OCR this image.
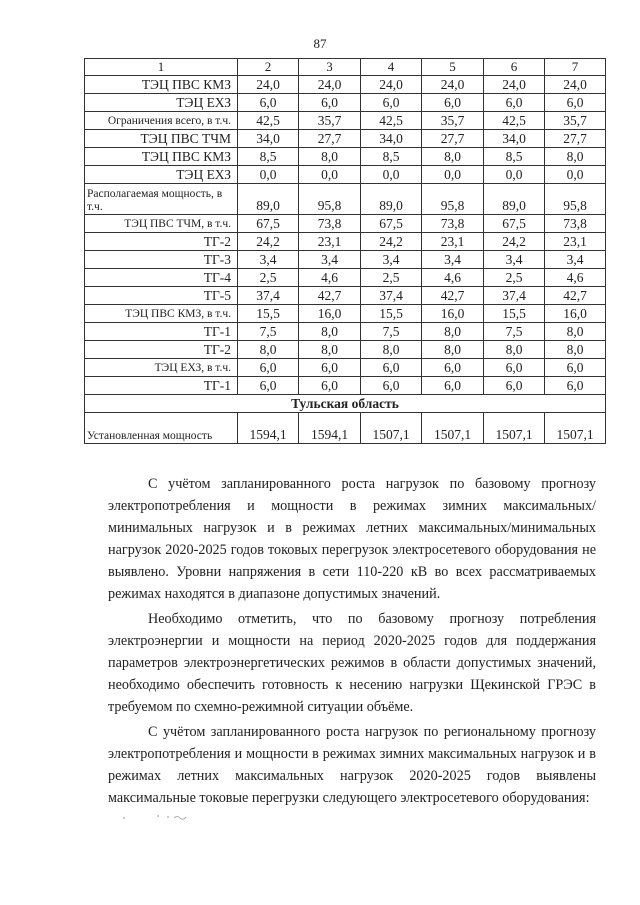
87
1	2	3	4	5	6	7
ТЭЦ ПВС КМЗ	24,0	24,0	24,0	24,0	24,0	24,0
ТЭЦ ЕХЗ	6,0	6,0	6,0	6,0	6,0	6,0
Ограничения всего, в т.ч.	42,5	35,7	42,5	35,7	42,5	35,7
ТЭЦ ПВС ТЧМ	34,0	27,7	34,0	27,7	34,0	27,7
ТЭЦ ПВС КМЗ	8,5	8,0	8,5	8,0	8,5	8,0
ТЭЦ ЕХЗ	0,0	0,0	0,0	0,0	0,0	0,0
Располагаемая мощность, в т.ч.	89,0	95,8	89,0	95,8	89,0	95,8
ТЭЦ ПВС ТЧМ, в т.ч.	67,5	73,8	67,5	73,8	67,5	73,8
ТГ-2	24,2	23,1	24,2	23,1	24,2	23,1
ТГ-3	3,4	3,4	3,4	3,4	3,4	3,4
ТГ-4	2,5	4,6	2,5	4,6	2,5	4,6
ТГ-5	37,4	42,7	37,4	42,7	37,4	42,7
ТЭЦ ПВС КМЗ, в т.ч.	15,5	16,0	15,5	16,0	15,5	16,0
ТГ-1	7,5	8,0	7,5	8,0	7,5	8,0
ТГ-2	8,0	8,0	8,0	8,0	8,0	8,0
ТЭЦ ЕХЗ, в т.ч.	6,0	6,0	6,0	6,0	6,0	6,0
ТГ-1	6,0	6,0	6,0	6,0	6,0	6,0
Тульская область						
Установленная мощность	1594,1	1594,1	1507,1	1507,1	1507,1	1507,1

С учётом запланированного роста нагрузок по базовому прогнозу электропотребления и мощности в режимах зимних максимальных/минимальных нагрузок и в режимах летних максимальных/минимальных нагрузок 2020-2025 годов токовых перегрузок электросетевого оборудования не выявлено. Уровни напряжения в сети 110-220 кВ во всех рассматриваемых режимах находятся в диапазоне допустимых значений.

Необходимо отметить, что по базовому прогнозу потребления электроэнергии и мощности на период 2020-2025 годов для поддержания параметров электроэнергетических режимов в области допустимых значений, необходимо обеспечить готовность к несению нагрузки Щекинской ГРЭС в требуемом по схемно-режимной ситуации объёме.

С учётом запланированного роста нагрузок по региональному прогнозу электропотребления и мощности в режимах зимних максимальных нагрузок и в режимах летних максимальных нагрузок 2020-2025 годов выявлены максимальные токовые перегрузки следующего электросетевого оборудования:
